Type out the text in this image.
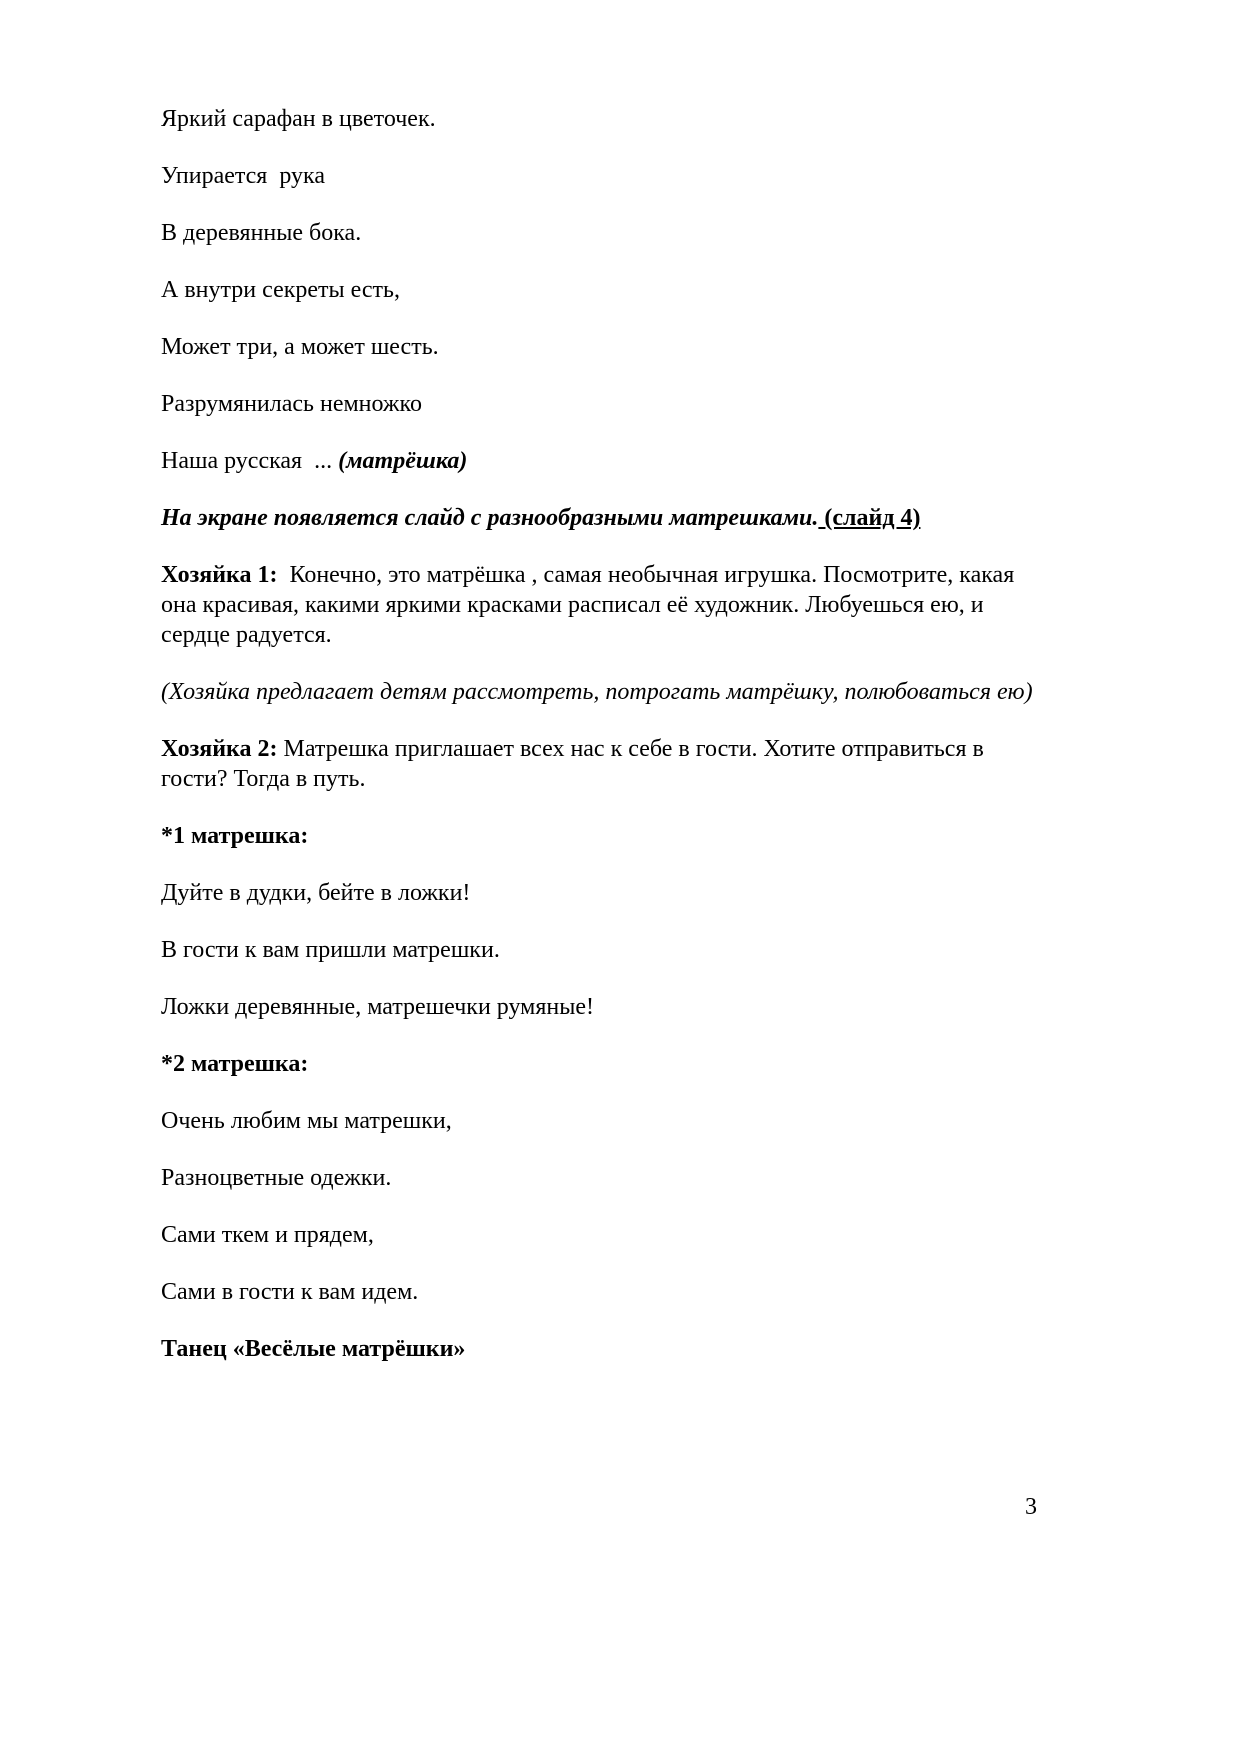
Яркий сарафан в цветочек.

Упирается  рука

В деревянные бока.

А внутри секреты есть,

Может три, а может шесть.

Разрумянилась немножко

Наша русская  ... (матрёшка)

На экране появляется слайд с разнообразными матрешками. (слайд 4)

Хозяйка 1:  Конечно, это матрёшка , самая необычная игрушка. Посмотрите, какая она красивая, какими яркими красками расписал её художник. Любуешься ею, и сердце радуется.

(Хозяйка предлагает детям рассмотреть, потрогать матрёшку, полюбоваться ею)

Хозяйка 2: Матрешка приглашает всех нас к себе в гости. Хотите отправиться в гости? Тогда в путь.

*1 матрешка:

Дуйте в дудки, бейте в ложки!

В гости к вам пришли матрешки.

Ложки деревянные, матрешечки румяные!

*2 матрешка:

Очень любим мы матрешки,

Разноцветные одежки.

Сами ткем и прядем,

Сами в гости к вам идем.

Танец «Весёлые матрёшки»

3
